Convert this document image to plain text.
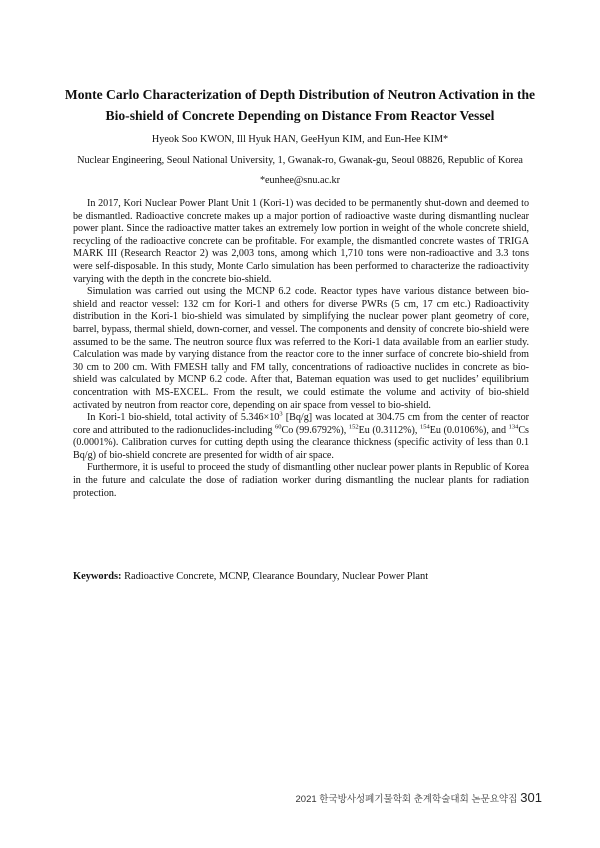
Monte Carlo Characterization of Depth Distribution of Neutron Activation in the
Bio-shield of Concrete Depending on Distance From Reactor Vessel

Hyeok Soo KWON, Ill Hyuk HAN, GeeHyun KIM, and Eun-Hee KIM*

Nuclear Engineering, Seoul National University, 1, Gwanak-ro, Gwanak-gu, Seoul 08826, Republic of Korea

*eunhee@snu.ac.kr

In 2017, Kori Nuclear Power Plant Unit 1 (Kori-1) was decided to be permanently shut-down and deemed to be dismantled. Radioactive concrete makes up a major portion of radioactive waste during dismantling nuclear power plant. Since the radioactive matter takes an extremely low portion in weight of the whole concrete shield, recycling of the radioactive concrete can be profitable. For example, the dismantled concrete wastes of TRIGA MARK III (Research Reactor 2) was 2,003 tons, among which 1,710 tons were non-radioactive and 3.3 tons were self-disposable. In this study, Monte Carlo simulation has been performed to characterize the radioactivity varying with the depth in the concrete bio-shield.

Simulation was carried out using the MCNP 6.2 code. Reactor types have various distance between bio-shield and reactor vessel: 132 cm for Kori-1 and others for diverse PWRs (5 cm, 17 cm etc.) Radioactivity distribution in the Kori-1 bio-shield was simulated by simplifying the nuclear power plant geometry of core, barrel, bypass, thermal shield, down-corner, and vessel. The components and density of concrete bio-shield were assumed to be the same. The neutron source flux was referred to the Kori-1 data available from an earlier study. Calculation was made by varying distance from the reactor core to the inner surface of concrete bio-shield from 30 cm to 200 cm. With FMESH tally and FM tally, concentrations of radioactive nuclides in concrete as bio-shield was calculated by MCNP 6.2 code. After that, Bateman equation was used to get nuclides’ equilibrium concentration with MS-EXCEL. From the result, we could estimate the volume and activity of bio-shield activated by neutron from reactor core, depending on air space from vessel to bio-shield.

In Kori-1 bio-shield, total activity of $5.346\times 10^3$ [Bq/g] was located at 304.75 cm from the center of reactor core and attributed to the radionuclides-including $^{60}$Co (99.6792%), $^{152}$Eu (0.3112%), $^{154}$Eu (0.0106%), and $^{134}$Cs (0.0001%). Calibration curves for cutting depth using the clearance thickness (specific activity of less than 0.1 Bq/g) of bio-shield concrete are presented for width of air space.

Furthermore, it is useful to proceed the study of dismantling other nuclear power plants in Republic of Korea in the future and calculate the dose of radiation worker during dismantling the nuclear plants for radiation protection.

Keywords: Radioactive Concrete, MCNP, Clearance Boundary, Nuclear Power Plant

2021 한국방사성폐기물학회 춘계학술대회 논문요약집 301
